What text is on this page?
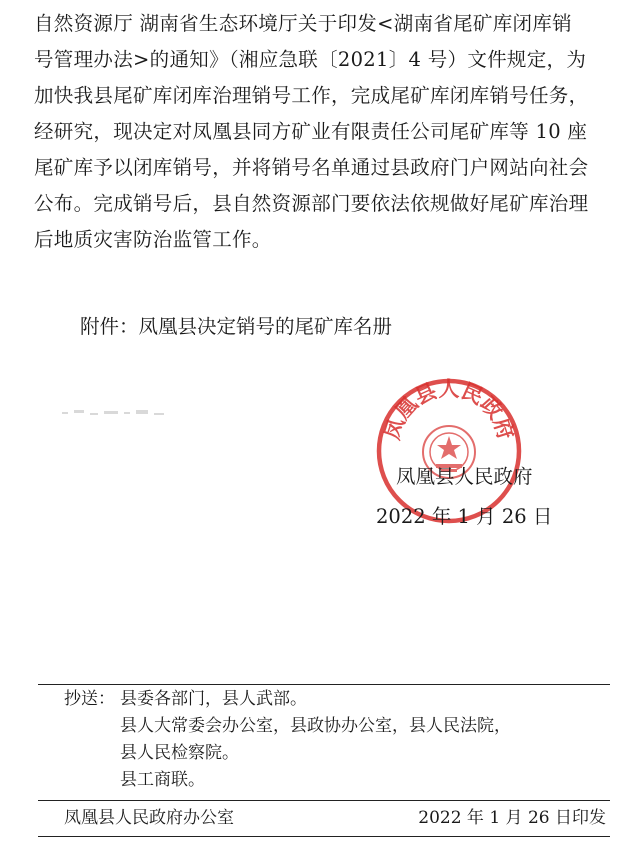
自然资源厅 湖南省生态环境厅关于印发<湖南省尾矿库闭库销
号管理办法>的通知》（湘应急联〔2021〕4 号）文件规定，为
加快我县尾矿库闭库治理销号工作，完成尾矿库闭库销号任务，
经研究，现决定对凤凰县同方矿业有限责任公司尾矿库等 10 座
尾矿库予以闭库销号，并将销号名单通过县政府门户网站向社会
公布。完成销号后，县自然资源部门要依法依规做好尾矿库治理
后地质灾害防治监管工作。
附件：凤凰县决定销号的尾矿库名册
凤凰县人民政府
凤凰县人民政府
2022 年 1 月 26 日
抄送： 县委各部门，县人武部。
县人大常委会办公室，县政协办公室，县人民法院，
县人民检察院。
县工商联。
凤凰县人民政府办公室	2022 年 1 月 26 日印发
